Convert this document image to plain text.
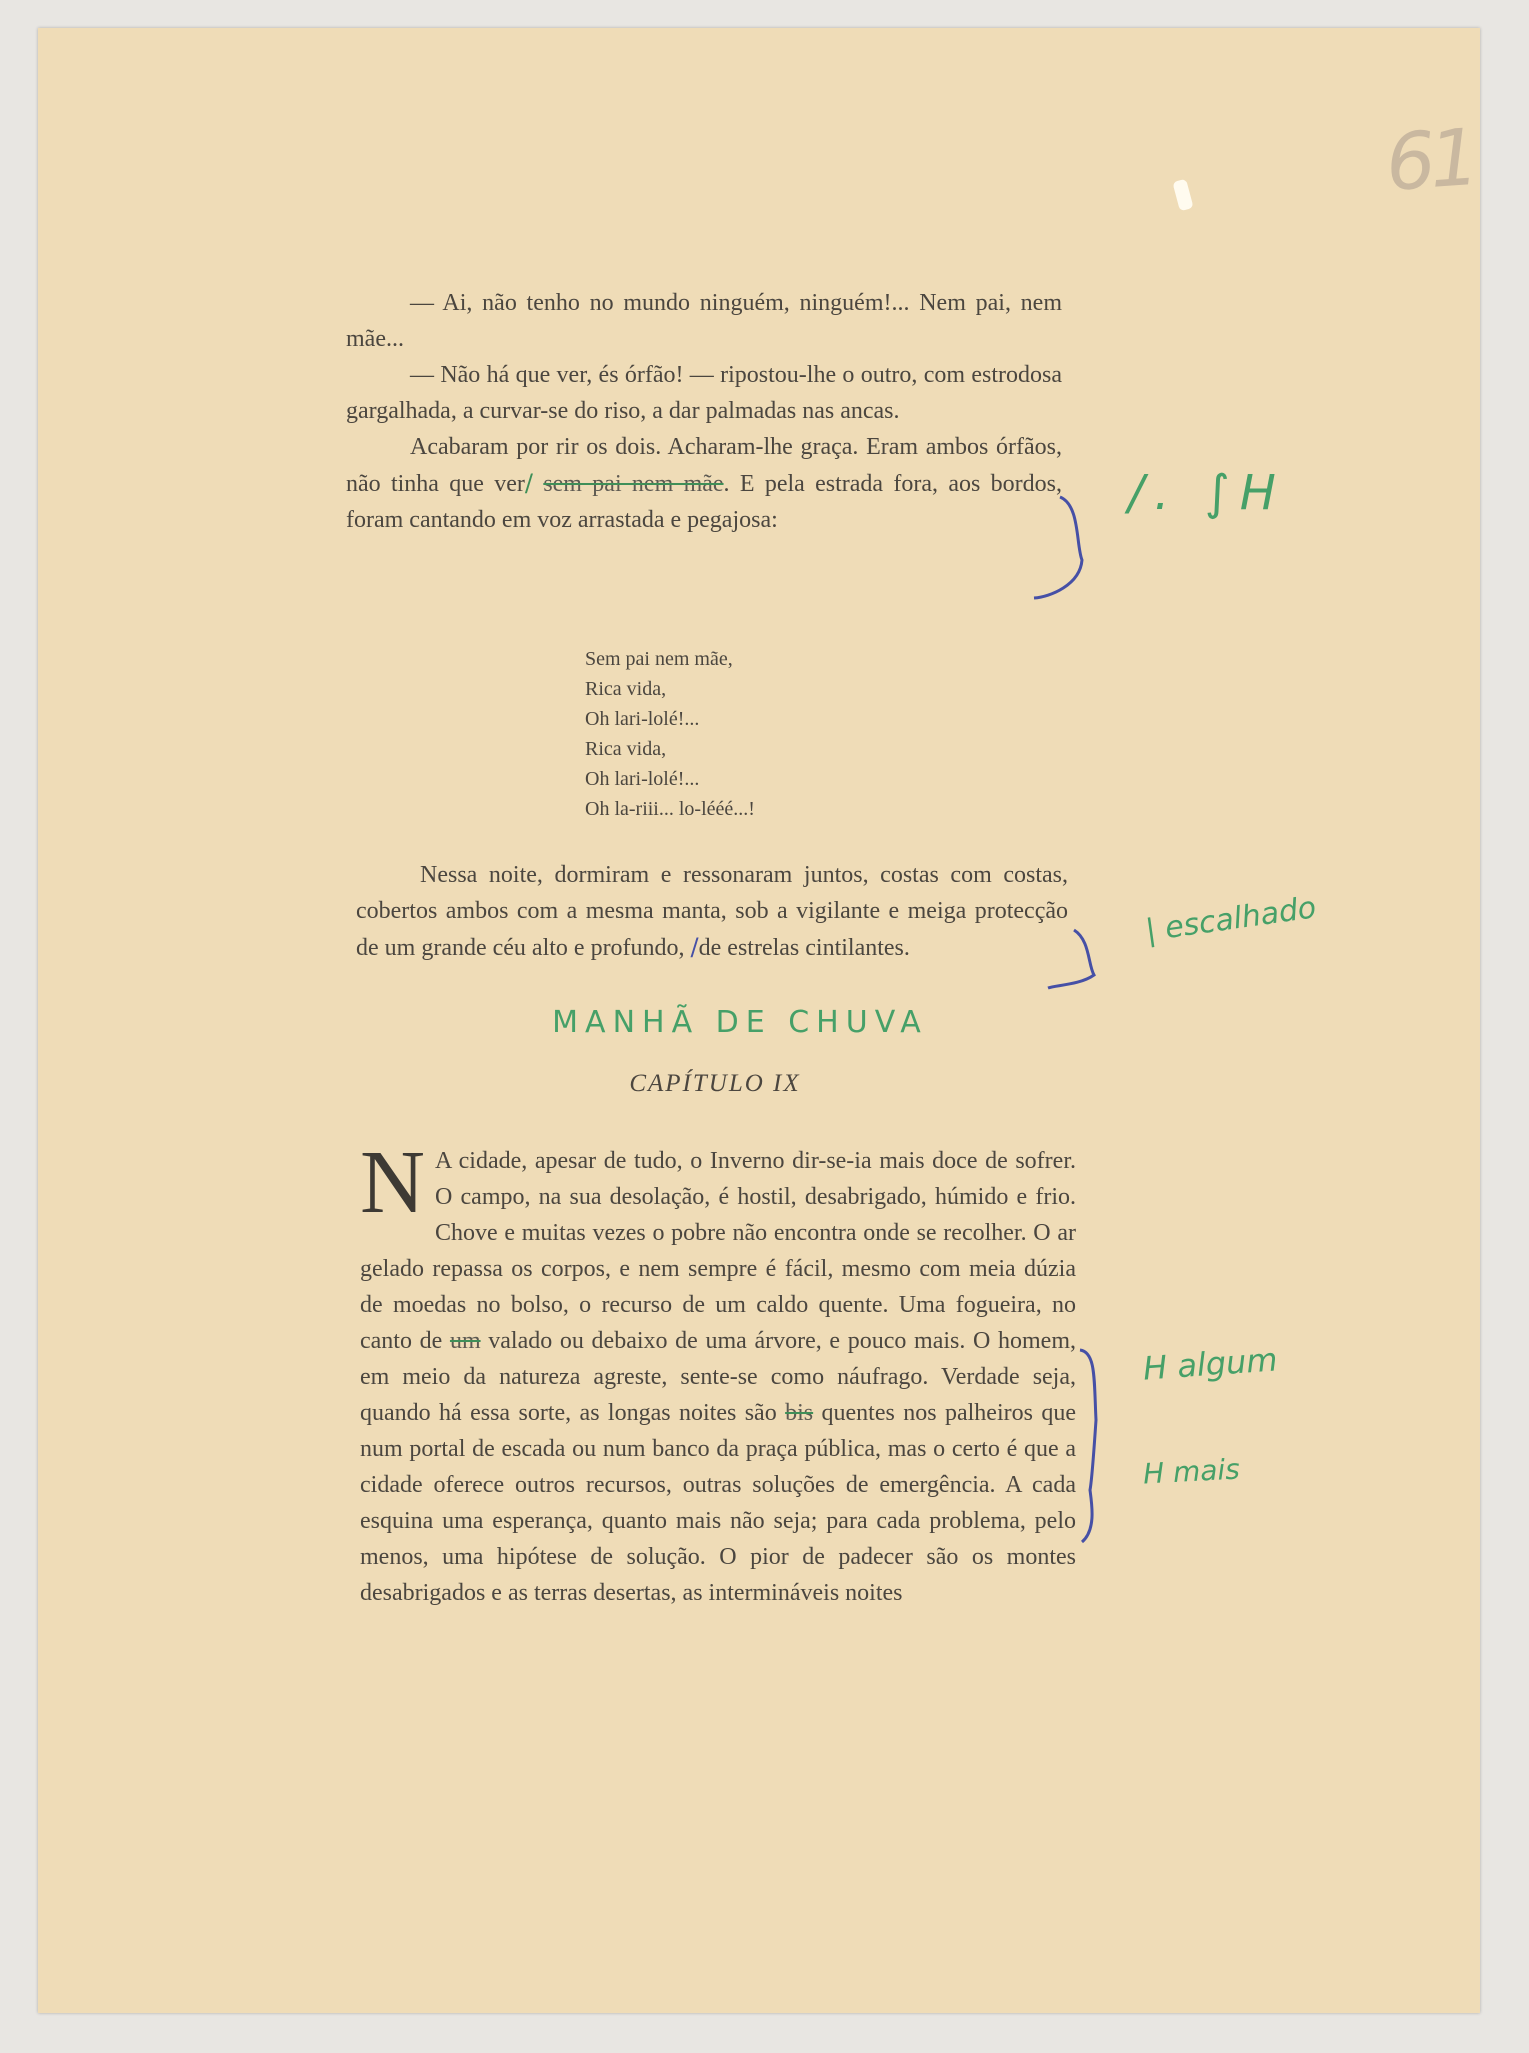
61

— Ai, não tenho no mundo ninguém, ninguém!... Nem pai, nem mãe...

— Não há que ver, és órfão! — ripostou-lhe o outro, com estrodosa gargalhada, a curvar-se do riso, a dar palmadas nas ancas.

Acabaram por rir os dois. Acharam-lhe graça. Eram ambos órfãos, não tinha que ver/ sem pai nem mãe. E pela estrada fora, aos bordos, foram cantando em voz arrastada e pegajosa:

Sem pai nem mãe,
Rica vida,
Oh lari-lolé!...
Rica vida,
Oh lari-lolé!...
Oh la-riii... lo-lééé...!

Nessa noite, dormiram e ressonaram juntos, costas com costas, cobertos ambos com a mesma manta, sob a vigilante e meiga protecção de um grande céu alto e profundo, /de estrelas cintilantes.

MANHÃ DE CHUVA
CAPÍTULO IX

N A cidade, apesar de tudo, o Inverno dir-se-ia mais doce de sofrer. O campo, na sua desolação, é hostil, desabrigado, húmido e frio. Chove e muitas vezes o pobre não encontra onde se recolher. O ar gelado repassa os corpos, e nem sempre é fácil, mesmo com meia dúzia de moedas no bolso, o recurso de um caldo quente. Uma fogueira, no canto de um valado ou debaixo de uma árvore, e pouco mais. O homem, em meio da natureza agreste, sente-se como náufrago. Verdade seja, quando há essa sorte, as longas noites são bis quentes nos palheiros que num portal de escada ou num banco da praça pública, mas o certo é que a cidade oferece outros recursos, outras soluções de emergência. A cada esquina uma esperança, quanto mais não seja; para cada problema, pelo menos, uma hipótese de solução. O pior de padecer são os montes desabrigados e as terras desertas, as intermináveis noites

/. ∫H
| escalhado
H algum
H mais
